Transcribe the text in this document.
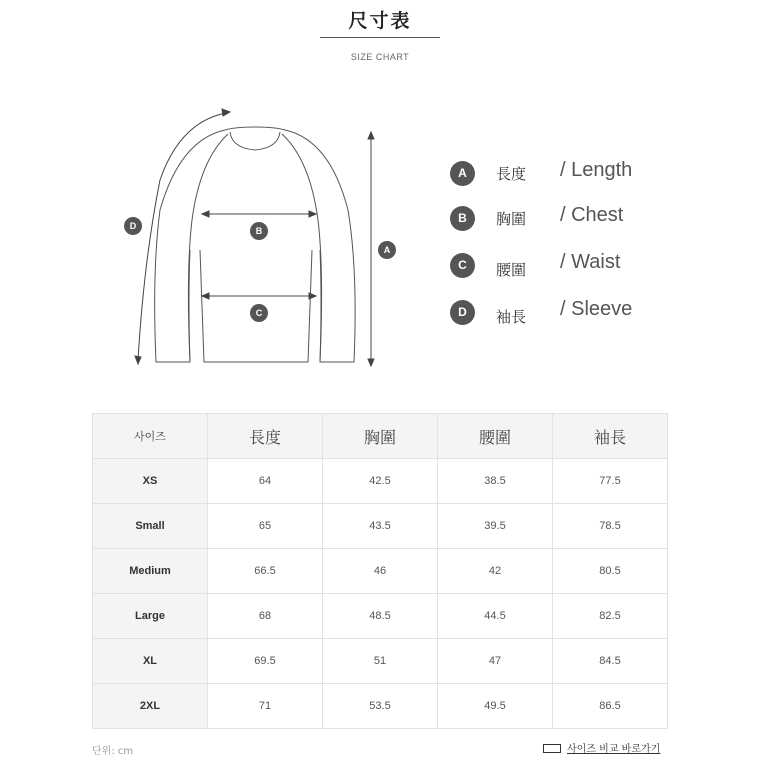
尺寸表
SIZE CHART
A
B
C
D
A	長度 / Length
B	胸圍 / Chest
C	腰圍 / Waist
D	袖長 / Sleeve
사이즈	長度	胸圍	腰圍	袖長
XS	64	42.5	38.5	77.5
Small	65	43.5	39.5	78.5
Medium	66.5	46	42	80.5
Large	68	48.5	44.5	82.5
XL	69.5	51	47	84.5
2XL	71	53.5	49.5	86.5
단위: cm	사이즈 비교 바로가기
